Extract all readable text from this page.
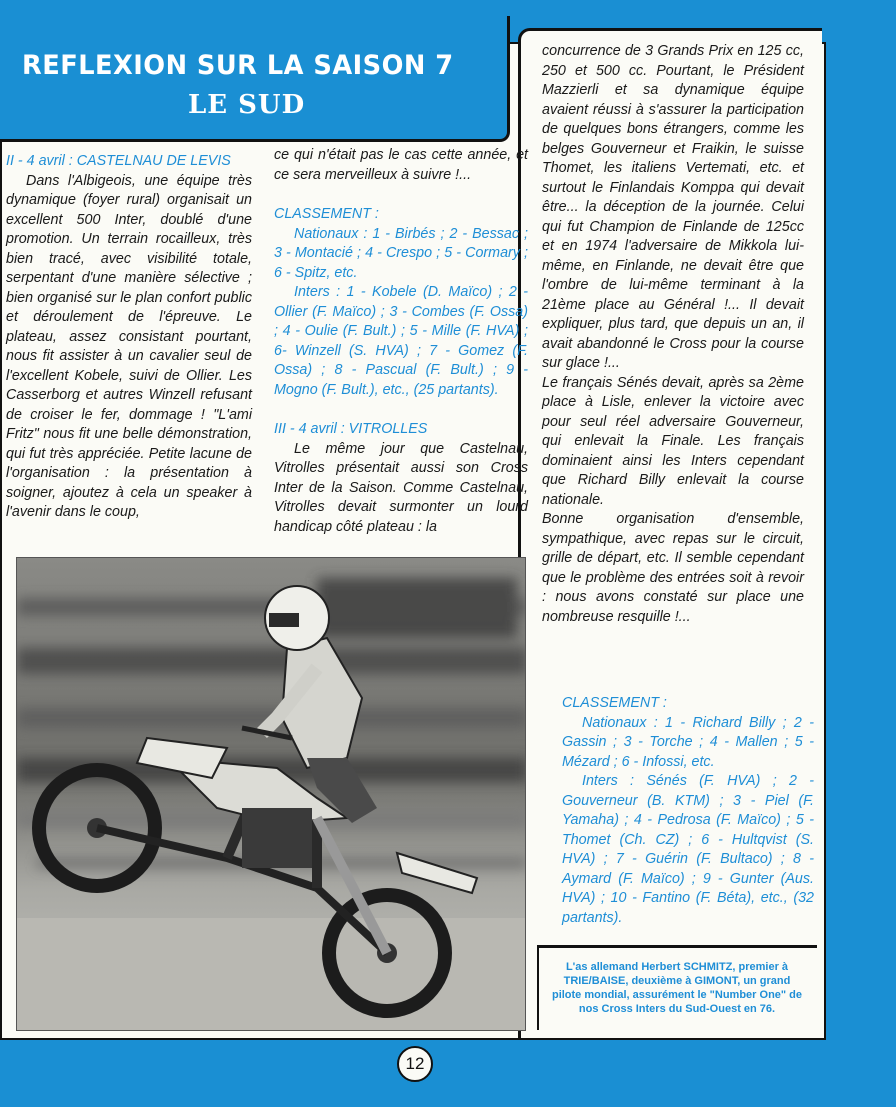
REFLEXION SUR LA SAISON 7
LE SUD

II - 4 avril : CASTELNAU DE LEVIS

Dans l'Albigeois, une équipe très dynamique (foyer rural) organisait un excellent 500 Inter, doublé d'une promotion. Un terrain rocailleux, très bien tracé, avec visibilité totale, serpentant d'une manière sélective ; bien organisé sur le plan confort public et déroulement de l'épreuve. Le plateau, assez consistant pourtant, nous fit assister à un cavalier seul de l'excellent Kobele, suivi de Ollier. Les Casserborg et autres Winzell refusant de croiser le fer, dommage ! "L'ami Fritz" nous fit une belle démonstration, qui fut très appréciée. Petite lacune de l'organisation : la présentation à soigner, ajoutez à cela un speaker à l'avenir dans le coup,

ce qui n'était pas le cas cette année, et ce sera merveilleux à suivre !...

CLASSEMENT :

Nationaux : 1 - Birbés ; 2 - Bessac ; 3 - Montacié ; 4 - Crespo ; 5 - Cormary ; 6 - Spitz, etc.

Inters : 1 - Kobele (D. Maïco) ; 2 - Ollier (F. Maïco) ; 3 - Combes (F. Ossa) ; 4 - Oulie (F. Bult.) ; 5 - Mille (F. HVA) ; 6- Winzell (S. HVA) ; 7 - Gomez (F. Ossa) ; 8 - Pascual (F. Bult.) ; 9 - Mogno (F. Bult.), etc., (25 partants).

III - 4 avril : VITROLLES

Le même jour que Castelnau, Vitrolles présentait aussi son Cross Inter de la Saison. Comme Castelnau, Vitrolles devait surmonter un lourd handicap côté plateau : la

concurrence de 3 Grands Prix en 125 cc, 250 et 500 cc. Pourtant, le Président Mazzierli et sa dynamique équipe avaient réussi à s'assurer la participation de quelques bons étrangers, comme les belges Gouverneur et Fraikin, le suisse Thomet, les italiens Vertemati, etc. et surtout le Finlandais Komppa qui devait être... la déception de la journée. Celui qui fut Champion de Finlande de 125cc et en 1974 l'adversaire de Mikkola lui-même, en Finlande, ne devait être que l'ombre de lui-même terminant à la 21ème place au Général !... Il devait expliquer, plus tard, que depuis un an, il avait abandonné le Cross pour la course sur glace !...

Le français Sénés devait, après sa 2ème place à Lisle, enlever la victoire avec pour seul réel adversaire Gouverneur, qui enlevait la Finale. Les français dominaient ainsi les Inters cependant que Richard Billy enlevait la course nationale.

Bonne organisation d'ensemble, sympathique, avec repas sur le circuit, grille de départ, etc. Il semble cependant que le problème des entrées soit à revoir : nous avons constaté sur place une nombreuse resquille !...

CLASSEMENT :

Nationaux : 1 - Richard Billy ; 2 - Gassin ; 3 - Torche ; 4 - Mallen ; 5 - Mézard ; 6 - Infossi, etc.

Inters : Sénés (F. HVA) ; 2 - Gouverneur (B. KTM) ; 3 - Piel (F. Yamaha) ; 4 - Pedrosa (F. Maïco) ; 5 - Thomet (Ch. CZ) ; 6 - Hultqvist (S. HVA) ; 7 - Guérin (F. Bultaco) ; 8 - Aymard (F. Maïco) ; 9 - Gunter (Aus. HVA) ; 10 - Fantino (F. Béta), etc., (32 partants).

L'as allemand Herbert SCHMITZ, premier à TRIE/BAISE, deuxième à GIMONT, un grand pilote mondial, assurément le "Number One" de nos Cross Inters du Sud-Ouest en 76.
12
